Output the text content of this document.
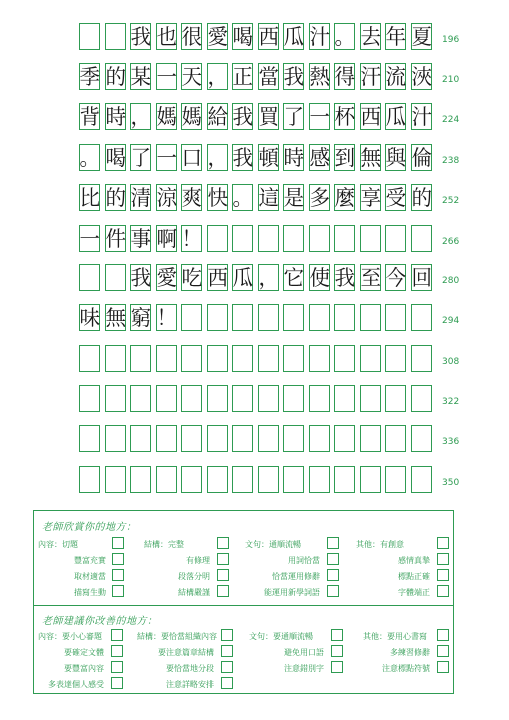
我 也 很 愛 喝 西 瓜 汁 。 去 年 夏 196
季 的 某 一 天 ， 正 當 我 熱 得 汗 流 浹 210
背 時 ， 媽 媽 給 我 買 了 一 杯 西 瓜 汁 224
。 喝 了 一 口 ， 我 頓 時 感 到 無 與 倫 238
比 的 清 涼 爽 快 。 這 是 多 麼 享 受 的 252
一 件 事 啊 ！	266
我 愛 吃 西 瓜 ， 它 使 我 至 今 回 280
味 無 窮 ！	294
308
322
336
350
老師欣賞你的地方：
內容：切題
豐富充實
取材適當
描寫生動
結構：完整
有條理
段落分明
結構嚴謹
文句：通順流暢
用詞恰當
恰當運用修辭
能運用新學詞語
其他：有創意
感情真摯
標點正確
字體端正
老師建議你改善的地方：
內容：要小心審題
要確定文體
要豐富內容
多表達個人感受
結構：要恰當組織內容
要注意篇章結構
要恰當地分段
注意詳略安排
文句：要通順流暢
避免用口語
注意錯別字
其他：要用心書寫
多練習修辭
注意標點符號
